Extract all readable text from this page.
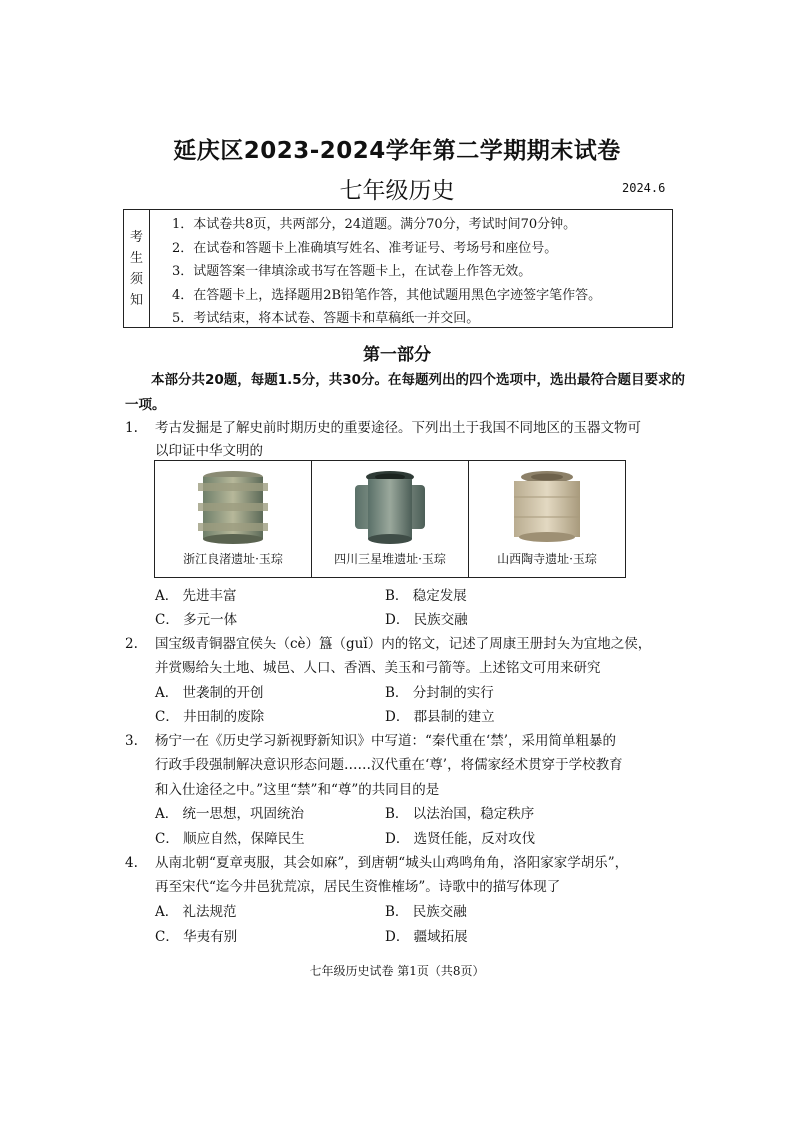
延庆区2023-2024学年第二学期期末试卷
七年级历史	2024.6
考
生
须
知
1．本试卷共8页，共两部分，24道题。满分70分，考试时间70分钟。
2．在试卷和答题卡上准确填写姓名、准考证号、考场号和座位号。
3．试题答案一律填涂或书写在答题卡上，在试卷上作答无效。
4．在答题卡上，选择题用2B铅笔作答，其他试题用黑色字迹签字笔作答。
5．考试结束，将本试卷、答题卡和草稿纸一并交回。
第一部分
本部分共20题，每题1.5分，共30分。在每题列出的四个选项中，选出最符合题目要求的一项。
1. 考古发掘是了解史前时期历史的重要途径。下列出土于我国不同地区的玉器文物可
以印证中华文明的
浙江良渚遗址·玉琮	四川三星堆遗址·玉琮	山西陶寺遗址·玉琮
A． 先进丰富	B． 稳定发展
C． 多元一体	D． 民族交融
2. 国宝级青铜器宜侯夨（cè）簋（guǐ）内的铭文，记述了周康王册封夨为宜地之侯，
并赏赐给夨土地、城邑、人口、香酒、美玉和弓箭等。上述铭文可用来研究
A． 世袭制的开创	B． 分封制的实行
C． 井田制的废除	D． 郡县制的建立
3. 杨宁一在《历史学习新视野新知识》中写道：“秦代重在‘禁’，采用简单粗暴的
行政手段强制解决意识形态问题……汉代重在‘尊’，将儒家经术贯穿于学校教育
和入仕途径之中。”这里“禁”和“尊”的共同目的是
A． 统一思想，巩固统治	B． 以法治国，稳定秩序
C． 顺应自然，保障民生	D． 选贤任能，反对攻伐
4. 从南北朝“夏章夷服，其会如麻”，到唐朝“城头山鸡鸣角角，洛阳家家学胡乐”，
再至宋代“迄今井邑犹荒凉，居民生资惟榷场”。诗歌中的描写体现了
A． 礼法规范	B． 民族交融
C． 华夷有别	D． 疆域拓展
七年级历史试卷 第1页（共8页）
